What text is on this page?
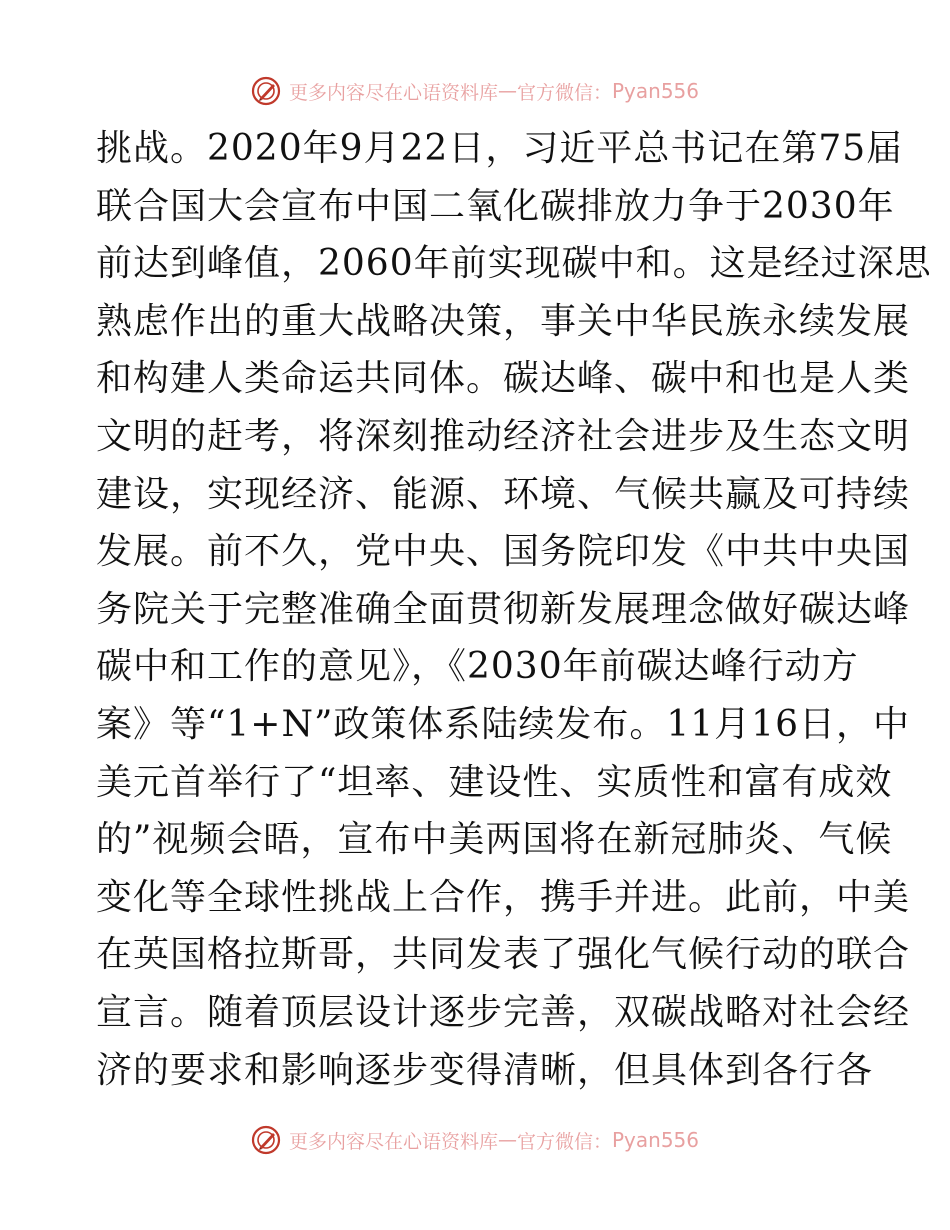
更多内容尽在心语资料库 — 官方微信： Pyan556
挑战。2020年9月22日，习近平总书记在第75届
联合国大会宣布中国二氧化碳排放力争于2030年
前达到峰值，2060年前实现碳中和。这是经过深思
熟虑作出的重大战略决策，事关中华民族永续发展
和构建人类命运共同体。碳达峰、碳中和也是人类
文明的赶考，将深刻推动经济社会进步及生态文明
建设，实现经济、能源、环境、气候共赢及可持续
发展。前不久，党中央、国务院印发《中共中央国
务院关于完整准确全面贯彻新发展理念做好碳达峰
碳中和工作的意见》，《2030年前碳达峰行动方
案》等“1+N”政策体系陆续发布。11月16日，中
美元首举行了“坦率、建设性、实质性和富有成效
的”视频会晤，宣布中美两国将在新冠肺炎、气候
变化等全球性挑战上合作，携手并进。此前，中美
在英国格拉斯哥，共同发表了强化气候行动的联合
宣言。随着顶层设计逐步完善，双碳战略对社会经
济的要求和影响逐步变得清晰，但具体到各行各
更多内容尽在心语资料库 — 官方微信： Pyan556
